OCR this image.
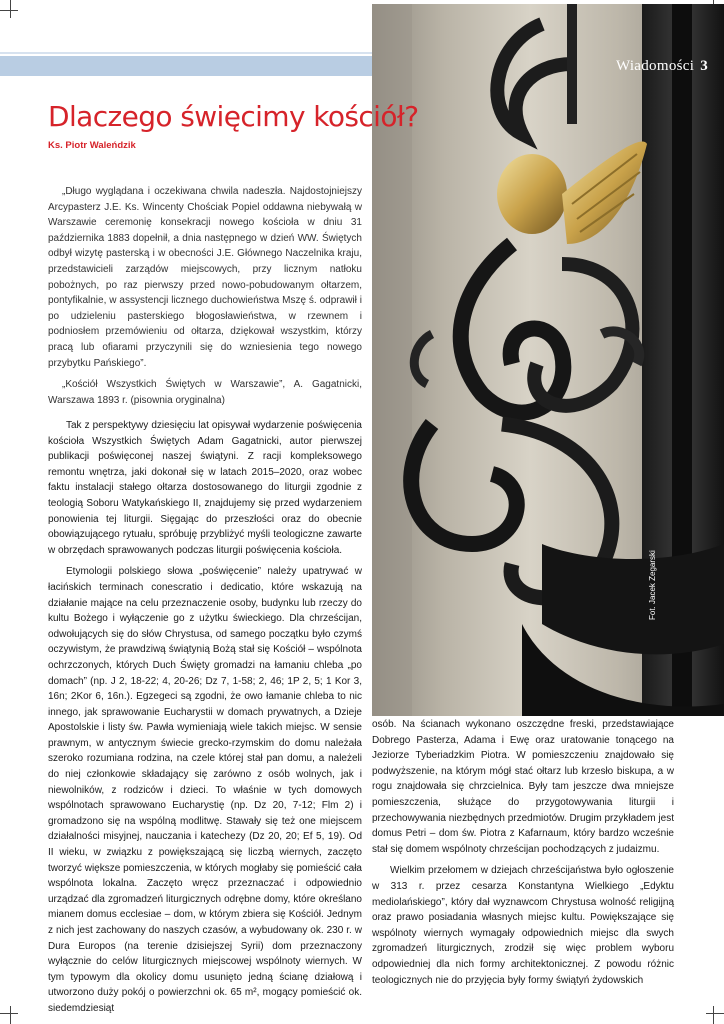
Fot. Jacek Zegarski
Wiadomości 3
Dlaczego święcimy kościół?
Ks. Piotr Waleńdzik

„Długo wyglądana i oczekiwana chwila nadeszła. Najdostojniejszy Arcypasterz J.E. Ks. Wincenty Chościak Popiel oddawna niebywałą w Warszawie ceremonię konsekracji nowego kościoła w dniu 31 października 1883 dopełnił, a dnia następnego w dzień WW. Świętych odbył wizytę pasterską i w obecności J.E. Głównego Naczelnika kraju, przedstawicieli zarządów miejscowych, przy licznym natłoku pobożnych, po raz pierwszy przed nowo-pobudowanym ołtarzem, pontyfikalnie, w assystencji licznego duchowieństwa Mszę ś. odprawił i po udzieleniu pasterskiego błogosławieństwa, w rzewnem i podniosłem przemówieniu od ołtarza, dziękował wszystkim, którzy pracą lub ofiarami przyczynili się do wzniesienia tego nowego przybytku Pańskiego”.

„Kościół Wszystkich Świętych w Warszawie”, A. Gagatnicki, Warszawa 1893 r. (pisownia oryginalna)

Tak z perspektywy dziesięciu lat opisywał wydarzenie poświęcenia kościoła Wszystkich Świętych Adam Gagatnicki, autor pierwszej publikacji poświęconej naszej świątyni. Z racji kompleksowego remontu wnętrza, jaki dokonał się w latach 2015–2020, oraz wobec faktu instalacji stałego ołtarza dostosowanego do liturgii zgodnie z teologią Soboru Watykańskiego II, znajdujemy się przed wydarzeniem ponowienia tej liturgii. Sięgając do przeszłości oraz do obecnie obowiązującego rytuału, spróbuję przybliżyć myśli teologiczne zawarte w obrzędach sprawowanych podczas liturgii poświęcenia kościoła.

Etymologii polskiego słowa „poświęcenie” należy upatrywać w łacińskich terminach conescratio i dedicatio, które wskazują na działanie mające na celu przeznaczenie osoby, budynku lub rzeczy do kultu Bożego i wyłączenie go z użytku świeckiego. Dla chrześcijan, odwołujących się do słów Chrystusa, od samego początku było czymś oczywistym, że prawdziwą świątynią Bożą stał się Kościół – wspólnota ochrzczonych, których Duch Święty gromadzi na łamaniu chleba „po domach” (np. J 2, 18-22; 4, 20-26; Dz 7, 1-58; 2, 46; 1P 2, 5; 1 Kor 3, 16n; 2Kor 6, 16n.). Egzegeci są zgodni, że owo łamanie chleba to nic innego, jak sprawowanie Eucharystii w domach prywatnych, a Dzieje Apostolskie i listy św. Pawła wymieniają wiele takich miejsc. W sensie prawnym, w antycznym świecie grecko-rzymskim do domu należała szeroko rozumiana rodzina, na czele której stał pan domu, a należeli do niej członkowie składający się zarówno z osób wolnych, jak i niewolników, z rodziców i dzieci. To właśnie w tych domowych wspólnotach sprawowano Eucharystię (np. Dz 20, 7-12; Flm 2) i gromadzono się na wspólną modlitwę. Stawały się też one miejscem działalności misyjnej, nauczania i katechezy (Dz 20, 20; Ef 5, 19). Od II wieku, w związku z powiększającą się liczbą wiernych, zaczęto tworzyć większe pomieszczenia, w których mogłaby się pomieścić cała wspólnota lokalna. Zaczęto wręcz przeznaczać i odpowiednio urządzać dla zgromadzeń liturgicznych odrębne domy, które określano mianem domus ecclesiae – dom, w którym zbiera się Kościół. Jednym z nich jest zachowany do naszych czasów, a wybudowany ok. 230 r. w Dura Europos (na terenie dzisiejszej Syrii) dom przeznaczony wyłącznie do celów liturgicznych miejscowej wspólnoty wiernych. W tym typowym dla okolicy domu usunięto jedną ścianę działową i utworzono duży pokój o powierzchni ok. 65 m², mogący pomieścić ok. siedemdziesiąt

osób. Na ścianach wykonano oszczędne freski, przedstawiające Dobrego Pasterza, Adama i Ewę oraz uratowanie tonącego na Jeziorze Tyberiadzkim Piotra. W pomieszczeniu znajdowało się podwyższenie, na którym mógł stać ołtarz lub krzesło biskupa, a w rogu znajdowała się chrzcielnica. Były tam jeszcze dwa mniejsze pomieszczenia, służące do przygotowywania liturgii i przechowywania niezbędnych przedmiotów. Drugim przykładem jest domus Petri – dom św. Piotra z Kafarnaum, który bardzo wcześnie stał się domem wspólnoty chrześcijan pochodzących z judaizmu.

Wielkim przełomem w dziejach chrześcijaństwa było ogłoszenie w 313 r. przez cesarza Konstantyna Wielkiego „Edyktu mediolańskiego”, który dał wyznawcom Chrystusa wolność religijną oraz prawo posiadania własnych miejsc kultu. Powiększające się wspólnoty wiernych wymagały odpowiednich miejsc dla swych zgromadzeń liturgicznych, zrodził się więc problem wyboru odpowiedniej dla nich formy architektonicznej. Z powodu różnic teologicznych nie do przyjęcia były formy świątyń żydowskich
